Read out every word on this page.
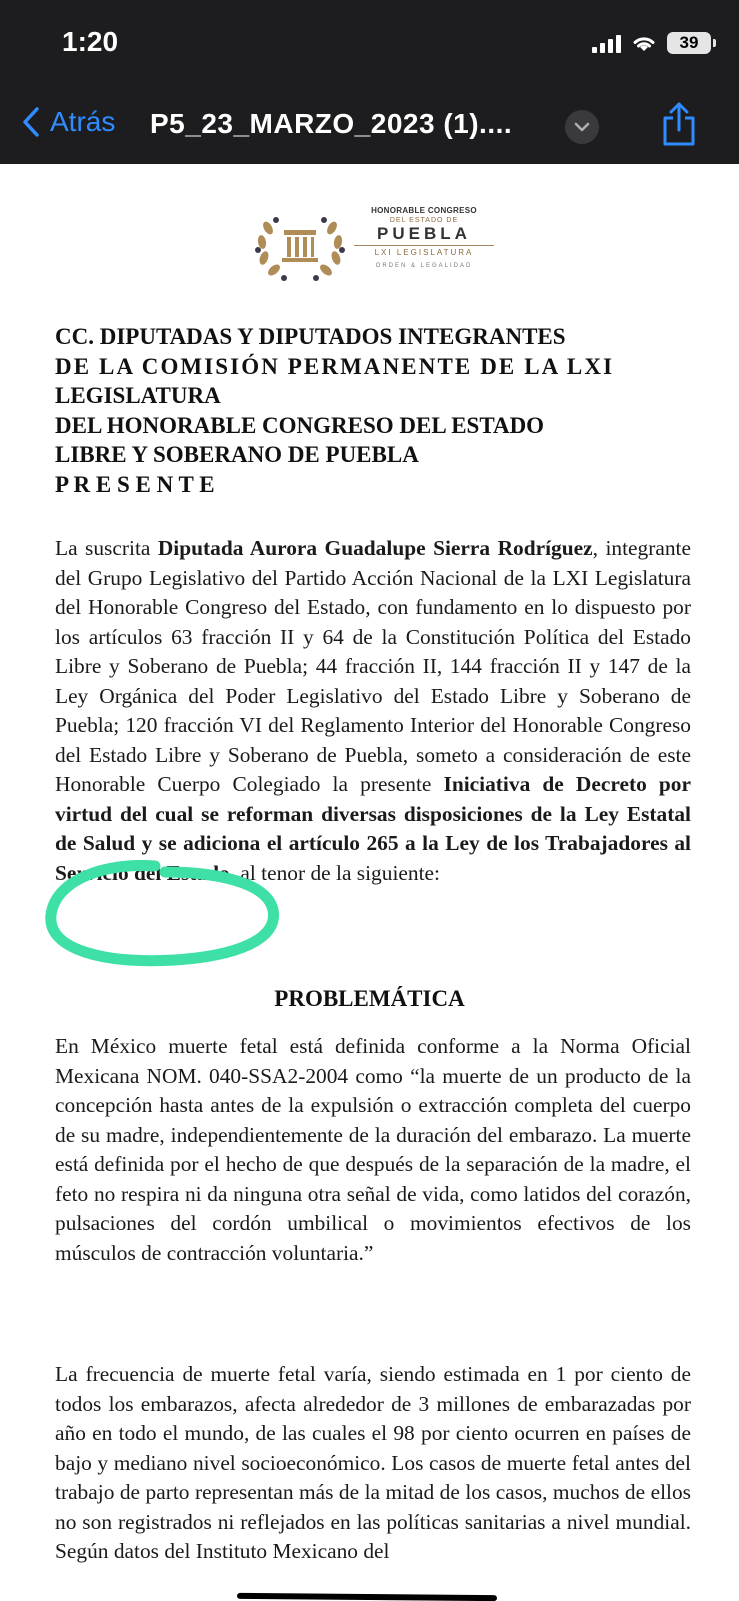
1:20	39
Atrás P5_23_MARZO_2023 (1)....
HONORABLE CONGRESO
DEL ESTADO DE
PUEBLA
LXI LEGISLATURA
ORDEN & LEGALIDAD
CC. DIPUTADAS Y DIPUTADOS INTEGRANTES
DE LA COMISIÓN PERMANENTE DE LA LXI
LEGISLATURA
DEL HONORABLE CONGRESO DEL ESTADO
LIBRE Y SOBERANO DE PUEBLA
P R E S E N T E
La suscrita Diputada Aurora Guadalupe Sierra Rodríguez, integrante del Grupo Legislativo del Partido Acción Nacional de la LXI Legislatura del Honorable Congreso del Estado, con fundamento en lo dispuesto por los artículos 63 fracción II y 64 de la Constitución Política del Estado Libre y Soberano de Puebla; 44 fracción II, 144 fracción II y 147 de la Ley Orgánica del Poder Legislativo del Estado Libre y Soberano de Puebla; 120 fracción VI del Reglamento Interior del Honorable Congreso del Estado Libre y Soberano de Puebla, someto a consideración de este Honorable Cuerpo Colegiado la presente Iniciativa de Decreto por virtud del cual se reforman diversas disposiciones de la Ley Estatal de Salud y se adiciona el artículo 265 a la Ley de los Trabajadores al Servicio del Estado, al tenor de la siguiente:
PROBLEMÁTICA
En México muerte fetal está definida conforme a la Norma Oficial Mexicana NOM. 040-SSA2-2004 como “la muerte de un producto de la concepción hasta antes de la expulsión o extracción completa del cuerpo de su madre, independientemente de la duración del embarazo. La muerte está definida por el hecho de que después de la separación de la madre, el feto no respira ni da ninguna otra señal de vida, como latidos del corazón, pulsaciones del cordón umbilical o movimientos efectivos de los músculos de contracción voluntaria.”
La frecuencia de muerte fetal varía, siendo estimada en 1 por ciento de todos los embarazos, afecta alrededor de 3 millones de embarazadas por año en todo el mundo, de las cuales el 98 por ciento ocurren en países de bajo y mediano nivel socioeconómico. Los casos de muerte fetal antes del trabajo de parto representan más de la mitad de los casos, muchos de ellos no son registrados ni reflejados en las políticas sanitarias a nivel mundial. Según datos del Instituto Mexicano del
